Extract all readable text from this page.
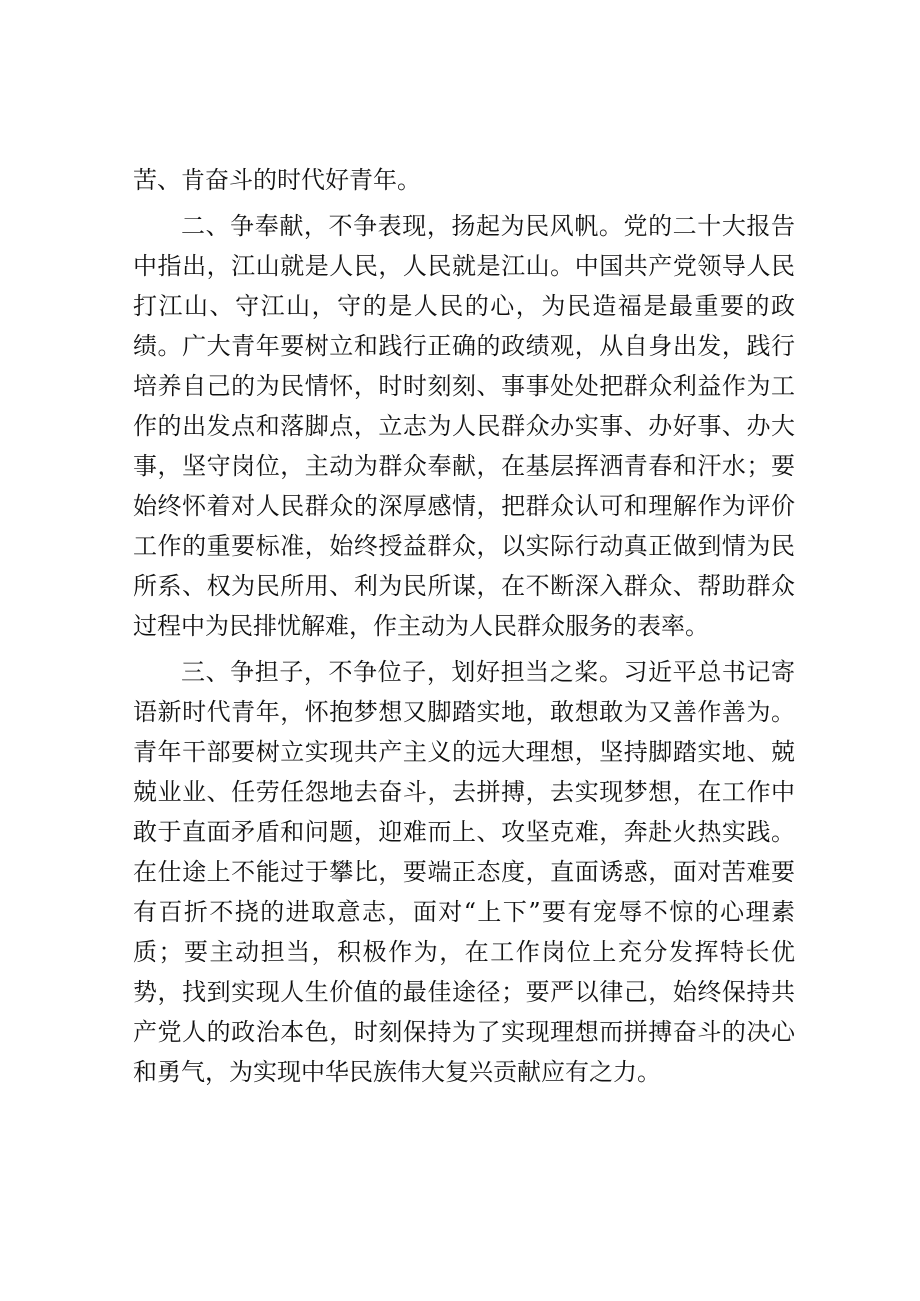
苦、肯奋斗的时代好青年。

二、争奉献，不争表现，扬起为民风帆。党的二十大报告中指出，江山就是人民，人民就是江山。中国共产党领导人民打江山、守江山，守的是人民的心，为民造福是最重要的政绩。广大青年要树立和践行正确的政绩观，从自身出发，践行培养自己的为民情怀，时时刻刻、事事处处把群众利益作为工作的出发点和落脚点，立志为人民群众办实事、办好事、办大事，坚守岗位，主动为群众奉献，在基层挥洒青春和汗水；要始终怀着对人民群众的深厚感情，把群众认可和理解作为评价工作的重要标准，始终授益群众，以实际行动真正做到情为民所系、权为民所用、利为民所谋，在不断深入群众、帮助群众过程中为民排忧解难，作主动为人民群众服务的表率。

三、争担子，不争位子，划好担当之桨。习近平总书记寄语新时代青年，怀抱梦想又脚踏实地，敢想敢为又善作善为。青年干部要树立实现共产主义的远大理想，坚持脚踏实地、兢兢业业、任劳任怨地去奋斗，去拼搏，去实现梦想，在工作中敢于直面矛盾和问题，迎难而上、攻坚克难，奔赴火热实践。在仕途上不能过于攀比，要端正态度，直面诱惑，面对苦难要有百折不挠的进取意志，面对“上下”要有宠辱不惊的心理素质；要主动担当，积极作为，在工作岗位上充分发挥特长优势，找到实现人生价值的最佳途径；要严以律己，始终保持共产党人的政治本色，时刻保持为了实现理想而拼搏奋斗的决心和勇气，为实现中华民族伟大复兴贡献应有之力。
